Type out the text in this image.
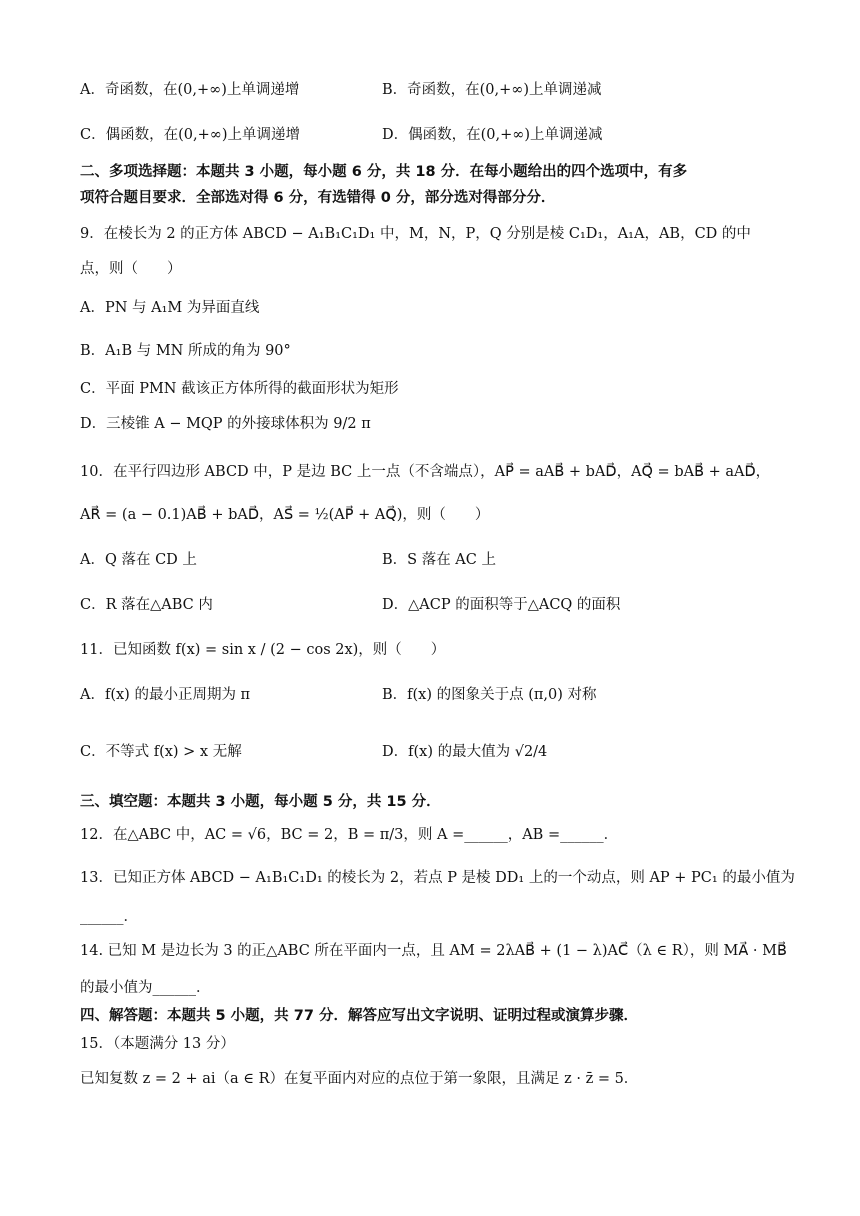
A．奇函数，在(0,+∞)上单调递增	B．奇函数，在(0,+∞)上单调递减
C．偶函数，在(0,+∞)上单调递增	D．偶函数，在(0,+∞)上单调递减
二、多项选择题：本题共 3 小题，每小题 6 分，共 18 分．在每小题给出的四个选项中，有多
项符合题目要求．全部选对得 6 分，有选错得 0 分，部分选对得部分分．
9．在棱长为 2 的正方体 ABCD − A₁B₁C₁D₁ 中，M，N，P，Q 分别是棱 C₁D₁，A₁A，AB，CD 的中
点，则（　　）
A．PN 与 A₁M 为异面直线
B．A₁B 与 MN 所成的角为 90°
C．平面 PMN 截该正方体所得的截面形状为矩形
D．三棱锥 A − MQP 的外接球体积为 9/2 π
10．在平行四边形 ABCD 中，P 是边 BC 上一点（不含端点），AP⃗ = aAB⃗ + bAD⃗，AQ⃗ = bAB⃗ + aAD⃗，
AR⃗ = (a − 0.1)AB⃗ + bAD⃗，AS⃗ = ½(AP⃗ + AQ⃗)，则（　　）
A．Q 落在 CD 上	B．S 落在 AC 上
C．R 落在△ABC 内	D．△ACP 的面积等于△ACQ 的面积
11．已知函数 f(x) = sin x / (2 − cos 2x)，则（　　）
A．f(x) 的最小正周期为 π	B．f(x) 的图象关于点 (π,0) 对称
C．不等式 f(x) > x 无解	D．f(x) 的最大值为 √2/4
三、填空题：本题共 3 小题，每小题 5 分，共 15 分．
12．在△ABC 中，AC = √6，BC = 2，B = π/3，则 A =______，AB =______．
13．已知正方体 ABCD − A₁B₁C₁D₁ 的棱长为 2，若点 P 是棱 DD₁ 上的一个动点，则 AP + PC₁ 的最小值为
______．
14. 已知 M 是边长为 3 的正△ABC 所在平面内一点，且 AM = 2λAB⃗ + (1 − λ)AC⃗（λ ∈ R），则 MA⃗ · MB⃗
的最小值为______．
四、解答题：本题共 5 小题，共 77 分．解答应写出文字说明、证明过程或演算步骤．
15．（本题满分 13 分）
已知复数 z = 2 + ai（a ∈ R）在复平面内对应的点位于第一象限，且满足 z · z̄ = 5．
